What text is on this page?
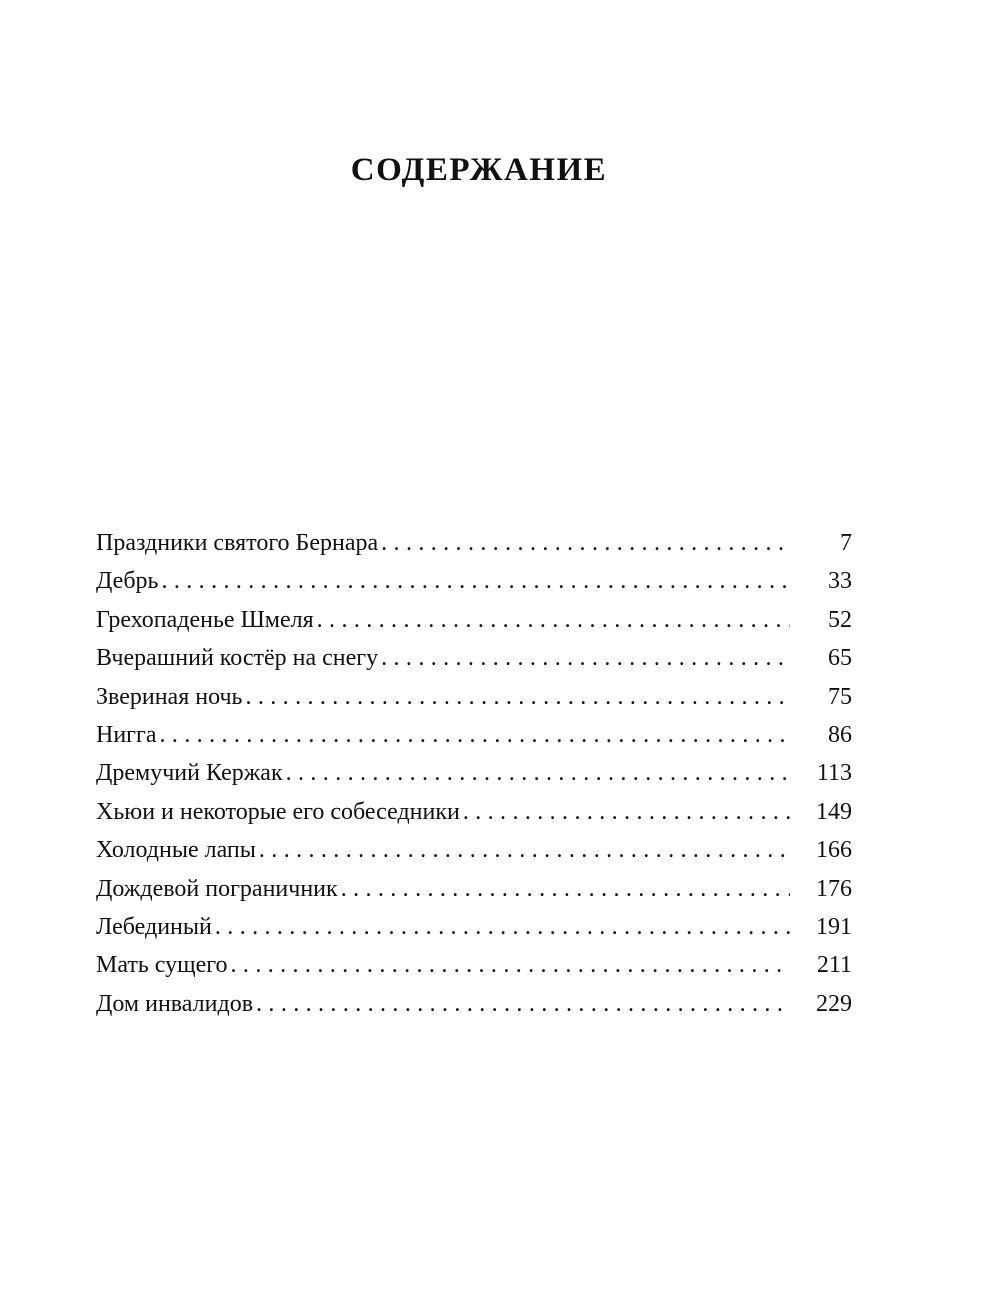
СОДЕРЖАНИЕ
Праздники святого Бернара . . .	7
Дебрь . . .	33
Грехопаденье Шмеля . . .	52
Вчерашний костёр на снегу . . .	65
Звериная ночь . . .	75
Нигга . . .	86
Дремучий Кержак . . .	113
Хьюи и некоторые его собеседники . . .	149
Холодные лапы . . .	166
Дождевой пограничник . . .	176
Лебединый . . .	191
Мать сущего . . .	211
Дом инвалидов . . .	229
